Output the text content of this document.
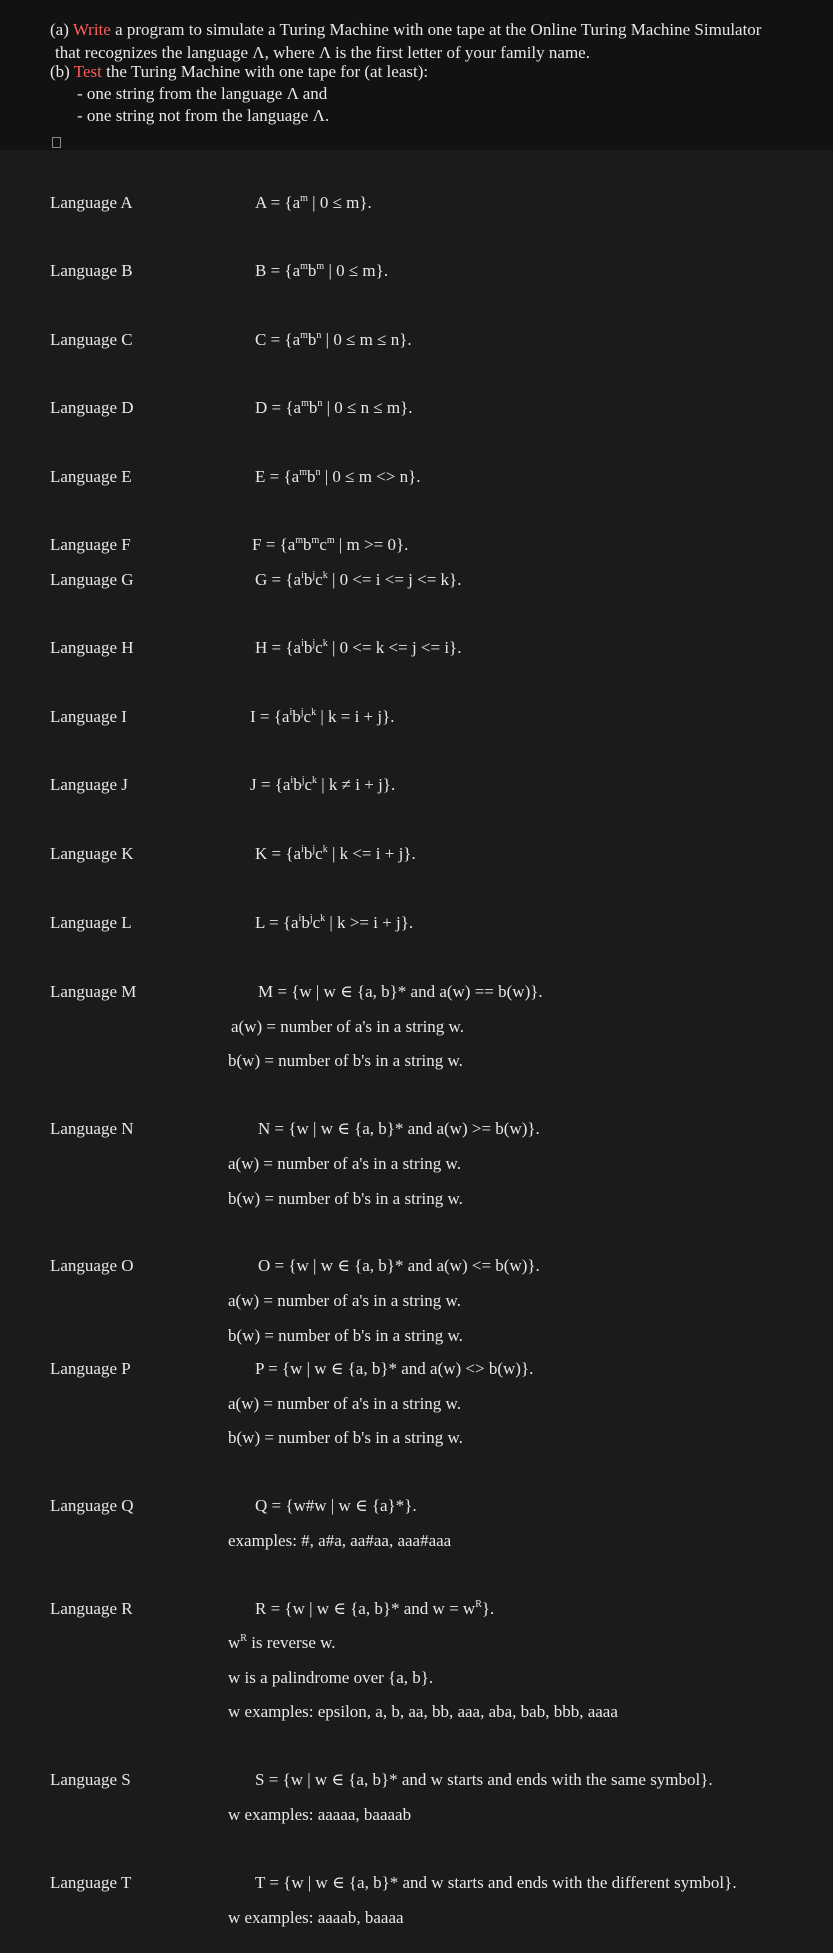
(a) Write a program to simulate a Turing Machine with one tape at the Online Turing Machine Simulator
that recognizes the language Λ, where Λ is the first letter of your family name.
(b) Test the Turing Machine with one tape for (at least):
- one string from the language Λ and
- one string not from the language Λ.
Language A	$A = \{a^m$ | 0 ≤ m}.
Language B	$B = \{a^mb^m$ | 0 ≤ m}.
Language C	$C = \{a^mb^n$ | 0 ≤ m ≤ n}.
Language D	$D = \{a^mb^n$ | 0 ≤ n ≤ m}.
Language E	$E = \{a^mb^n$ | 0 ≤ m <> n}.
Language F	$F = \{a^mb^mc^m$ | m >= 0}.
Language G	$G = \{a^ib^jc^k$ | 0 <= i <= j <= k}.
Language H	$H = \{a^ib^jc^k$ | 0 <= k <= j <= i}.
Language I	$I = \{a^ib^jc^k$ | k = i + j}.
Language J	$J = \{a^ib^jc^k$ | k ≠ i + j}.
Language K	$K = \{a^ib^jc^k$ | k <= i + j}.
Language L	$L = \{a^ib^jc^k$ | k >= i + j}.
Language M	M = {w | w ∈ {a, b}* and a(w) == b(w)}.
a(w) = number of a's in a string w.
b(w) = number of b's in a string w.
Language N	N = {w | w ∈ {a, b}* and a(w) >= b(w)}.
a(w) = number of a's in a string w.
b(w) = number of b's in a string w.
Language O	O = {w | w ∈ {a, b}* and a(w) <= b(w)}.
a(w) = number of a's in a string w.
b(w) = number of b's in a string w.
Language P	P = {w | w ∈ {a, b}* and a(w) <> b(w)}.
a(w) = number of a's in a string w.
b(w) = number of b's in a string w.
Language Q	Q = {w#w | w ∈ {a}*}.
examples: #, a#a, aa#aa, aaa#aaa
Language R	R = {w | w ∈ {a, b}* and $w = w^R$}.
$w^R$ is reverse w.
w is a palindrome over {a, b}.
w examples: epsilon, a, b, aa, bb, aaa, aba, bab, bbb, aaaa
Language S	S = {w | w ∈ {a, b}* and w starts and ends with the same symbol}.
w examples: aaaaa, baaaab
Language T	T = {w | w ∈ {a, b}* and w starts and ends with the different symbol}.
w examples: aaaab, baaaa
